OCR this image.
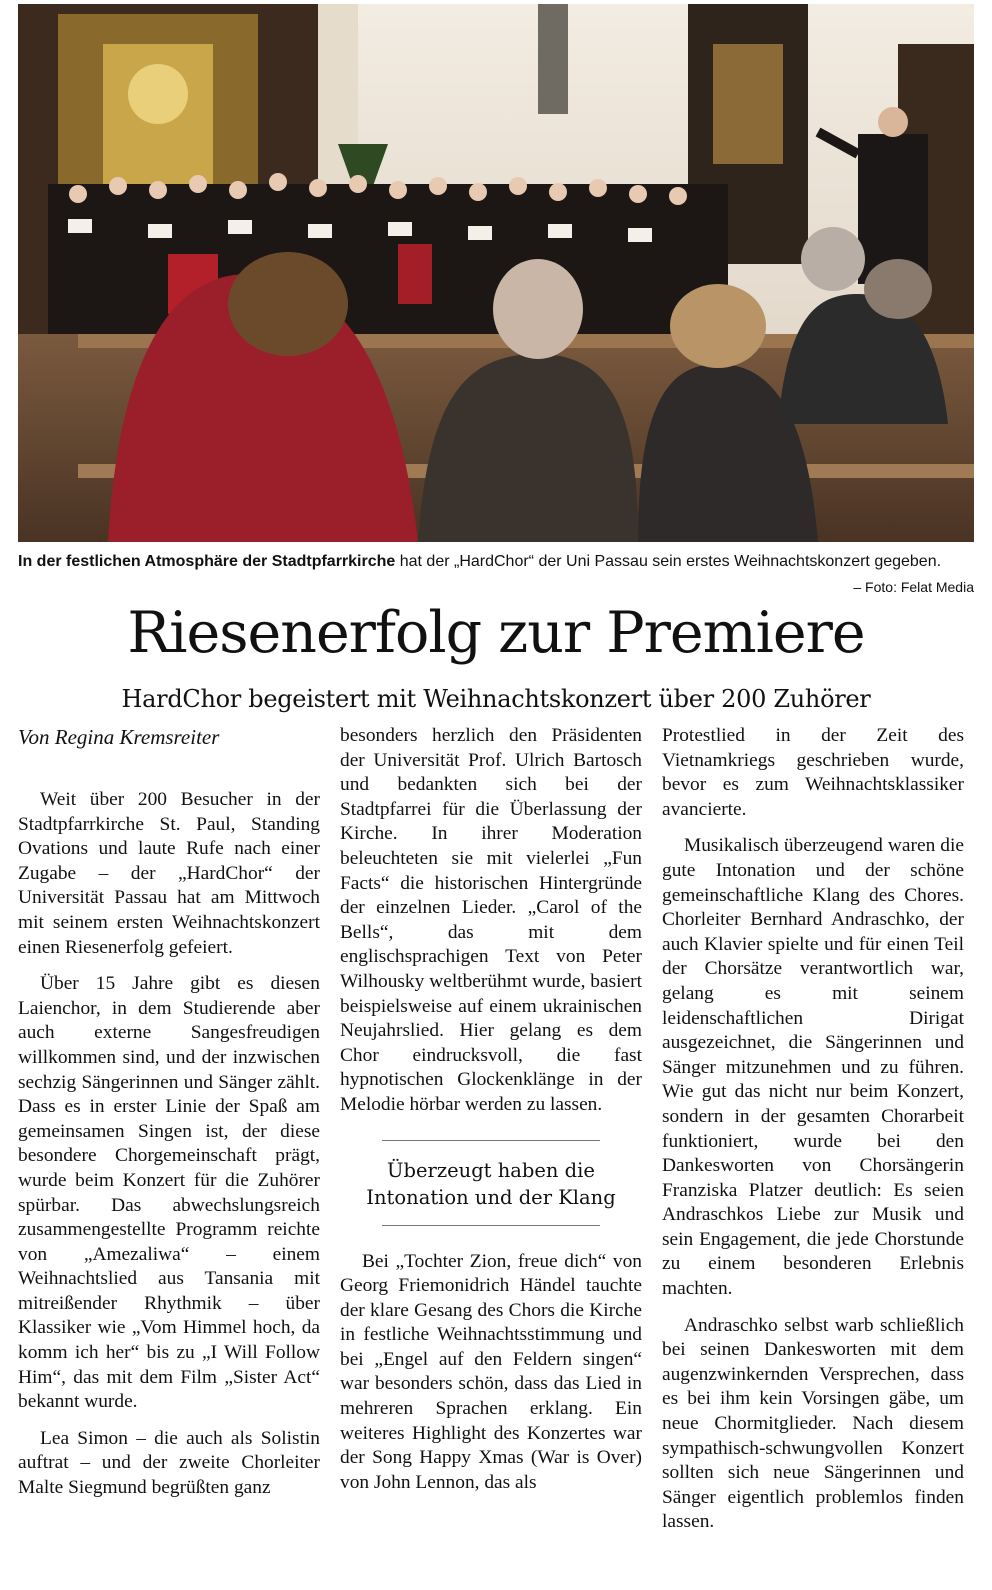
In der festlichen Atmosphäre der Stadtpfarrkirche hat der „HardChor“ der Uni Passau sein erstes Weihnachtskonzert gegeben.
– Foto: Felat Media
Riesenerfolg zur Premiere
HardChor begeistert mit Weihnachtskonzert über 200 Zuhörer

Von Regina Kremsreiter

Weit über 200 Besucher in der Stadtpfarrkirche St. Paul, Standing Ovations und laute Rufe nach einer Zugabe – der „HardChor“ der Universität Passau hat am Mittwoch mit seinem ersten Weihnachtskonzert einen Riesenerfolg gefeiert.

Über 15 Jahre gibt es diesen Laienchor, in dem Studierende aber auch externe Sangesfreudigen willkommen sind, und der inzwischen sechzig Sängerinnen und Sänger zählt. Dass es in erster Linie der Spaß am gemeinsamen Singen ist, der diese besondere Chorgemeinschaft prägt, wurde beim Konzert für die Zuhörer spürbar. Das abwechslungsreich zusammengestellte Programm reichte von „Amezaliwa“ – einem Weihnachtslied aus Tansania mit mitreißender Rhythmik – über Klassiker wie „Vom Himmel hoch, da komm ich her“ bis zu „I Will Follow Him“, das mit dem Film „Sister Act“ bekannt wurde.

Lea Simon – die auch als Solistin auftrat – und der zweite Chorleiter Malte Siegmund begrüßten ganz

besonders herzlich den Präsidenten der Universität Prof. Ulrich Bartosch und bedankten sich bei der Stadtpfarrei für die Überlassung der Kirche. In ihrer Moderation beleuchteten sie mit vielerlei „Fun Facts“ die historischen Hintergründe der einzelnen Lieder. „Carol of the Bells“, das mit dem englischsprachigen Text von Peter Wilhousky weltberühmt wurde, basiert beispielsweise auf einem ukrainischen Neujahrslied. Hier gelang es dem Chor eindrucksvoll, die fast hypnotischen Glockenklänge in der Melodie hörbar werden zu lassen.

Überzeugt haben die
Intonation und der Klang

Bei „Tochter Zion, freue dich“ von Georg Friemonidrich Händel tauchte der klare Gesang des Chors die Kirche in festliche Weihnachtsstimmung und bei „Engel auf den Feldern singen“ war besonders schön, dass das Lied in mehreren Sprachen erklang. Ein weiteres Highlight des Konzertes war der Song Happy Xmas (War is Over) von John Lennon, das als

Protestlied in der Zeit des Vietnamkriegs geschrieben wurde, bevor es zum Weihnachtsklassiker avancierte.

Musikalisch überzeugend waren die gute Intonation und der schöne gemeinschaftliche Klang des Chores. Chorleiter Bernhard Andraschko, der auch Klavier spielte und für einen Teil der Chorsätze verantwortlich war, gelang es mit seinem leidenschaftlichen Dirigat ausgezeichnet, die Sängerinnen und Sänger mitzunehmen und zu führen. Wie gut das nicht nur beim Konzert, sondern in der gesamten Chorarbeit funktioniert, wurde bei den Dankesworten von Chorsängerin Franziska Platzer deutlich: Es seien Andraschkos Liebe zur Musik und sein Engagement, die jede Chorstunde zu einem besonderen Erlebnis machten.

Andraschko selbst warb schließlich bei seinen Dankesworten mit dem augenzwinkernden Versprechen, dass es bei ihm kein Vorsingen gäbe, um neue Chormitglieder. Nach diesem sympathisch-schwungvollen Konzert sollten sich neue Sängerinnen und Sänger eigentlich problemlos finden lassen.
